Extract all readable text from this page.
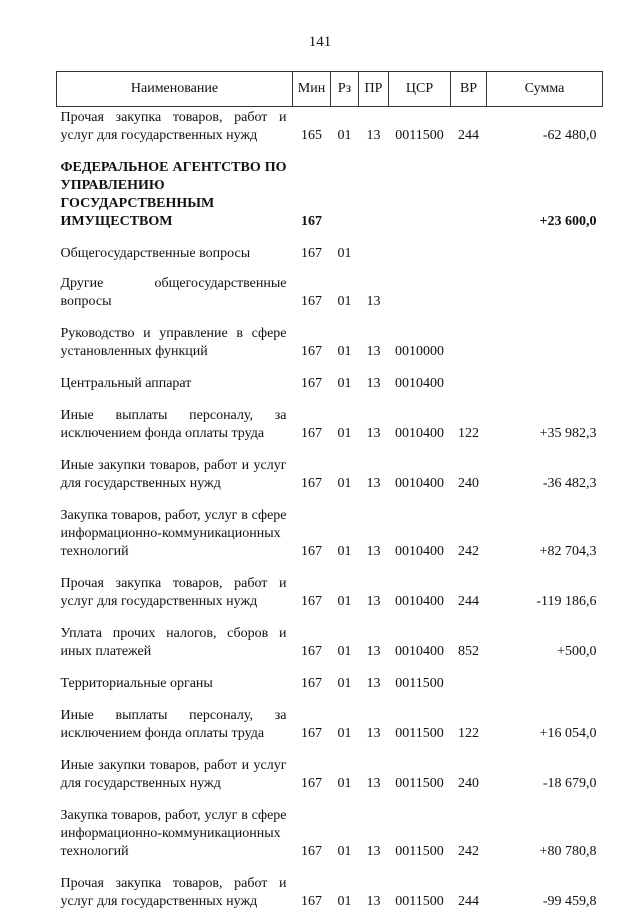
141
Наименование	Мин	Рз	ПР	ЦСР	ВР	Сумма
Прочая закупка товаров, работ и услуг для государственных нужд	165	01	13	0011500	244	-62 480,0
ФЕДЕРАЛЬНОЕ АГЕНТСТВО ПО УПРАВЛЕНИЮ ГОСУДАРСТВЕННЫМ ИМУЩЕСТВОМ	167					+23 600,0
Общегосударственные вопросы	167	01				
Другие общегосударственные вопросы	167	01	13			
Руководство и управление в сфере установленных функций	167	01	13	0010000		
Центральный аппарат	167	01	13	0010400		
Иные выплаты персоналу, за исключением фонда оплаты труда	167	01	13	0010400	122	+35 982,3
Иные закупки товаров, работ и услуг для государственных нужд	167	01	13	0010400	240	-36 482,3
Закупка товаров, работ, услуг в сфере информационно-коммуникационных технологий	167	01	13	0010400	242	+82 704,3
Прочая закупка товаров, работ и услуг для государственных нужд	167	01	13	0010400	244	-119 186,6
Уплата прочих налогов, сборов и иных платежей	167	01	13	0010400	852	+500,0
Территориальные органы	167	01	13	0011500		
Иные выплаты персоналу, за исключением фонда оплаты труда	167	01	13	0011500	122	+16 054,0
Иные закупки товаров, работ и услуг для государственных нужд	167	01	13	0011500	240	-18 679,0
Закупка товаров, работ, услуг в сфере информационно-коммуникационных технологий	167	01	13	0011500	242	+80 780,8
Прочая закупка товаров, работ и услуг для государственных нужд	167	01	13	0011500	244	-99 459,8
